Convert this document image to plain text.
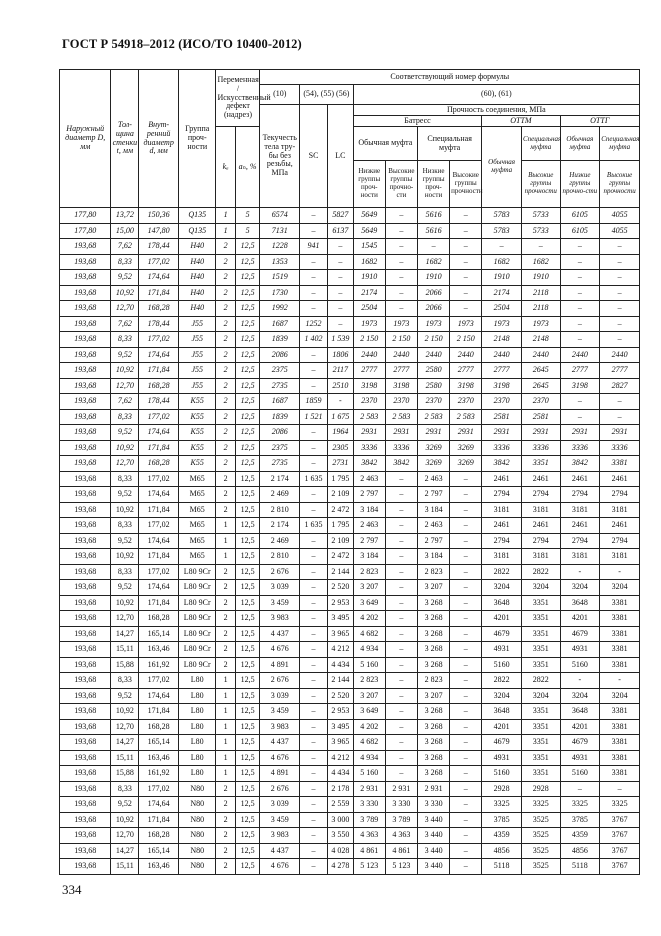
ГОСТ Р 54918–2012 (ИСО/ТО 10400-2012)
Наружный диаметр D, мм	Тол-щина стенки t, мм	Внут-ренний диаметр d, мм	Группа проч-ности	Переменная /Искусственный дефект (надрез)		Соответствующий номер формулы										
						(10)	(54), (55) (56)		(60), (61)							
						Текучесть тела тру-бы без резьбы, МПа	SC	LC	Прочность соединения, МПа							
									Батресс				ОТТМ		ОТТГ	
				kₐ	aₙ, %				Обычная муфта		Специальная муфта		Обычная муфта	Специальная муфта	Обычная муфта	Специальная муфта
									Низкие группы проч-ности	Высокие группы прочно-сти	Низкие группы проч-ности	Высокие группы прочности		Высокие группы прочности	Низкие группы прочно-сти	Высокие группы прочности
177,80	13,72	150,36	Q135	1	5	6574	–	5827	5649	–	5616	–	5783	5733	6105	4055
177,80	15,00	147,80	Q135	1	5	7131	–	6137	5649	–	5616	–	5783	5733	6105	4055
193,68	7,62	178,44	H40	2	12,5	1228	941	–	1545	–	–	–	–	–	–	–
193,68	8,33	177,02	H40	2	12,5	1353	–	–	1682	–	1682	–	1682	1682	–	–
193,68	9,52	174,64	H40	2	12,5	1519	–	–	1910	–	1910	–	1910	1910	–	–
193,68	10,92	171,84	H40	2	12,5	1730	–	–	2174	–	2066	–	2174	2118	–	–
193,68	12,70	168,28	H40	2	12,5	1992	–	–	2504	–	2066	–	2504	2118	–	–
193,68	7,62	178,44	J55	2	12,5	1687	1252	–	1973	1973	1973	1973	1973	1973	–	–
193,68	8,33	177,02	J55	2	12,5	1839	1 402	1 539	2 150	2 150	2 150	2 150	2148	2148	–	–
193,68	9,52	174,64	J55	2	12,5	2086	–	1806	2440	2440	2440	2440	2440	2440	2440	2440
193,68	10,92	171,84	J55	2	12,5	2375	–	2117	2777	2777	2580	2777	2777	2645	2777	2777
193,68	12,70	168,28	J55	2	12,5	2735	–	2510	3198	3198	2580	3198	3198	2645	3198	2827
193,68	7,62	178,44	K55	2	12,5	1687	1859	-	2370	2370	2370	2370	2370	2370	–	–
193,68	8,33	177,02	K55	2	12,5	1839	1 521	1 675	2 583	2 583	2 583	2 583	2581	2581	–	–
193,68	9,52	174,64	K55	2	12,5	2086	–	1964	2931	2931	2931	2931	2931	2931	2931	2931
193,68	10,92	171,84	K55	2	12,5	2375	–	2305	3336	3336	3269	3269	3336	3336	3336	3336
193,68	12,70	168,28	K55	2	12,5	2735	–	2731	3842	3842	3269	3269	3842	3351	3842	3381
193,68	8,33	177,02	M65	2	12,5	2 174	1 635	1 795	2 463	–	2 463	–	2461	2461	2461	2461
193,68	9,52	174,64	M65	2	12,5	2 469	–	2 109	2 797	–	2 797	–	2794	2794	2794	2794
193,68	10,92	171,84	M65	2	12,5	2 810	–	2 472	3 184	–	3 184	–	3181	3181	3181	3181
193,68	8,33	177,02	M65	1	12,5	2 174	1 635	1 795	2 463	–	2 463	–	2461	2461	2461	2461
193,68	9,52	174,64	M65	1	12,5	2 469	–	2 109	2 797	–	2 797	–	2794	2794	2794	2794
193,68	10,92	171,84	M65	1	12,5	2 810	–	2 472	3 184	–	3 184	–	3181	3181	3181	3181
193,68	8,33	177,02	L80 9Cr	2	12,5	2 676	–	2 144	2 823	–	2 823	–	2822	2822	-	-
193,68	9,52	174,64	L80 9Cr	2	12,5	3 039	–	2 520	3 207	–	3 207	–	3204	3204	3204	3204
193,68	10,92	171,84	L80 9Cr	2	12,5	3 459	–	2 953	3 649	–	3 268	–	3648	3351	3648	3381
193,68	12,70	168,28	L80 9Cr	2	12,5	3 983	–	3 495	4 202	–	3 268	–	4201	3351	4201	3381
193,68	14,27	165,14	L80 9Cr	2	12,5	4 437	–	3 965	4 682	–	3 268	–	4679	3351	4679	3381
193,68	15,11	163,46	L80 9Cr	2	12,5	4 676	–	4 212	4 934	–	3 268	–	4931	3351	4931	3381
193,68	15,88	161,92	L80 9Cr	2	12,5	4 891	–	4 434	5 160	–	3 268	–	5160	3351	5160	3381
193,68	8,33	177,02	L80	1	12,5	2 676	–	2 144	2 823	–	2 823	–	2822	2822	-	-
193,68	9,52	174,64	L80	1	12,5	3 039	–	2 520	3 207	–	3 207	–	3204	3204	3204	3204
193,68	10,92	171,84	L80	1	12,5	3 459	–	2 953	3 649	–	3 268	–	3648	3351	3648	3381
193,68	12,70	168,28	L80	1	12,5	3 983	–	3 495	4 202	–	3 268	–	4201	3351	4201	3381
193,68	14,27	165,14	L80	1	12,5	4 437	–	3 965	4 682	–	3 268	–	4679	3351	4679	3381
193,68	15,11	163,46	L80	1	12,5	4 676	–	4 212	4 934	–	3 268	–	4931	3351	4931	3381
193,68	15,88	161,92	L80	1	12,5	4 891	–	4 434	5 160	–	3 268	–	5160	3351	5160	3381
193,68	8,33	177,02	N80	2	12,5	2 676	–	2 178	2 931	2 931	2 931	–	2928	2928	–	–
193,68	9,52	174,64	N80	2	12,5	3 039	–	2 559	3 330	3 330	3 330	–	3325	3325	3325	3325
193,68	10,92	171,84	N80	2	12,5	3 459	–	3 000	3 789	3 789	3 440	–	3785	3525	3785	3767
193,68	12,70	168,28	N80	2	12,5	3 983	–	3 550	4 363	4 363	3 440	–	4359	3525	4359	3767
193,68	14,27	165,14	N80	2	12,5	4 437	–	4 028	4 861	4 861	3 440	–	4856	3525	4856	3767
193,68	15,11	163,46	N80	2	12,5	4 676	–	4 278	5 123	5 123	3 440	–	5118	3525	5118	3767
334
